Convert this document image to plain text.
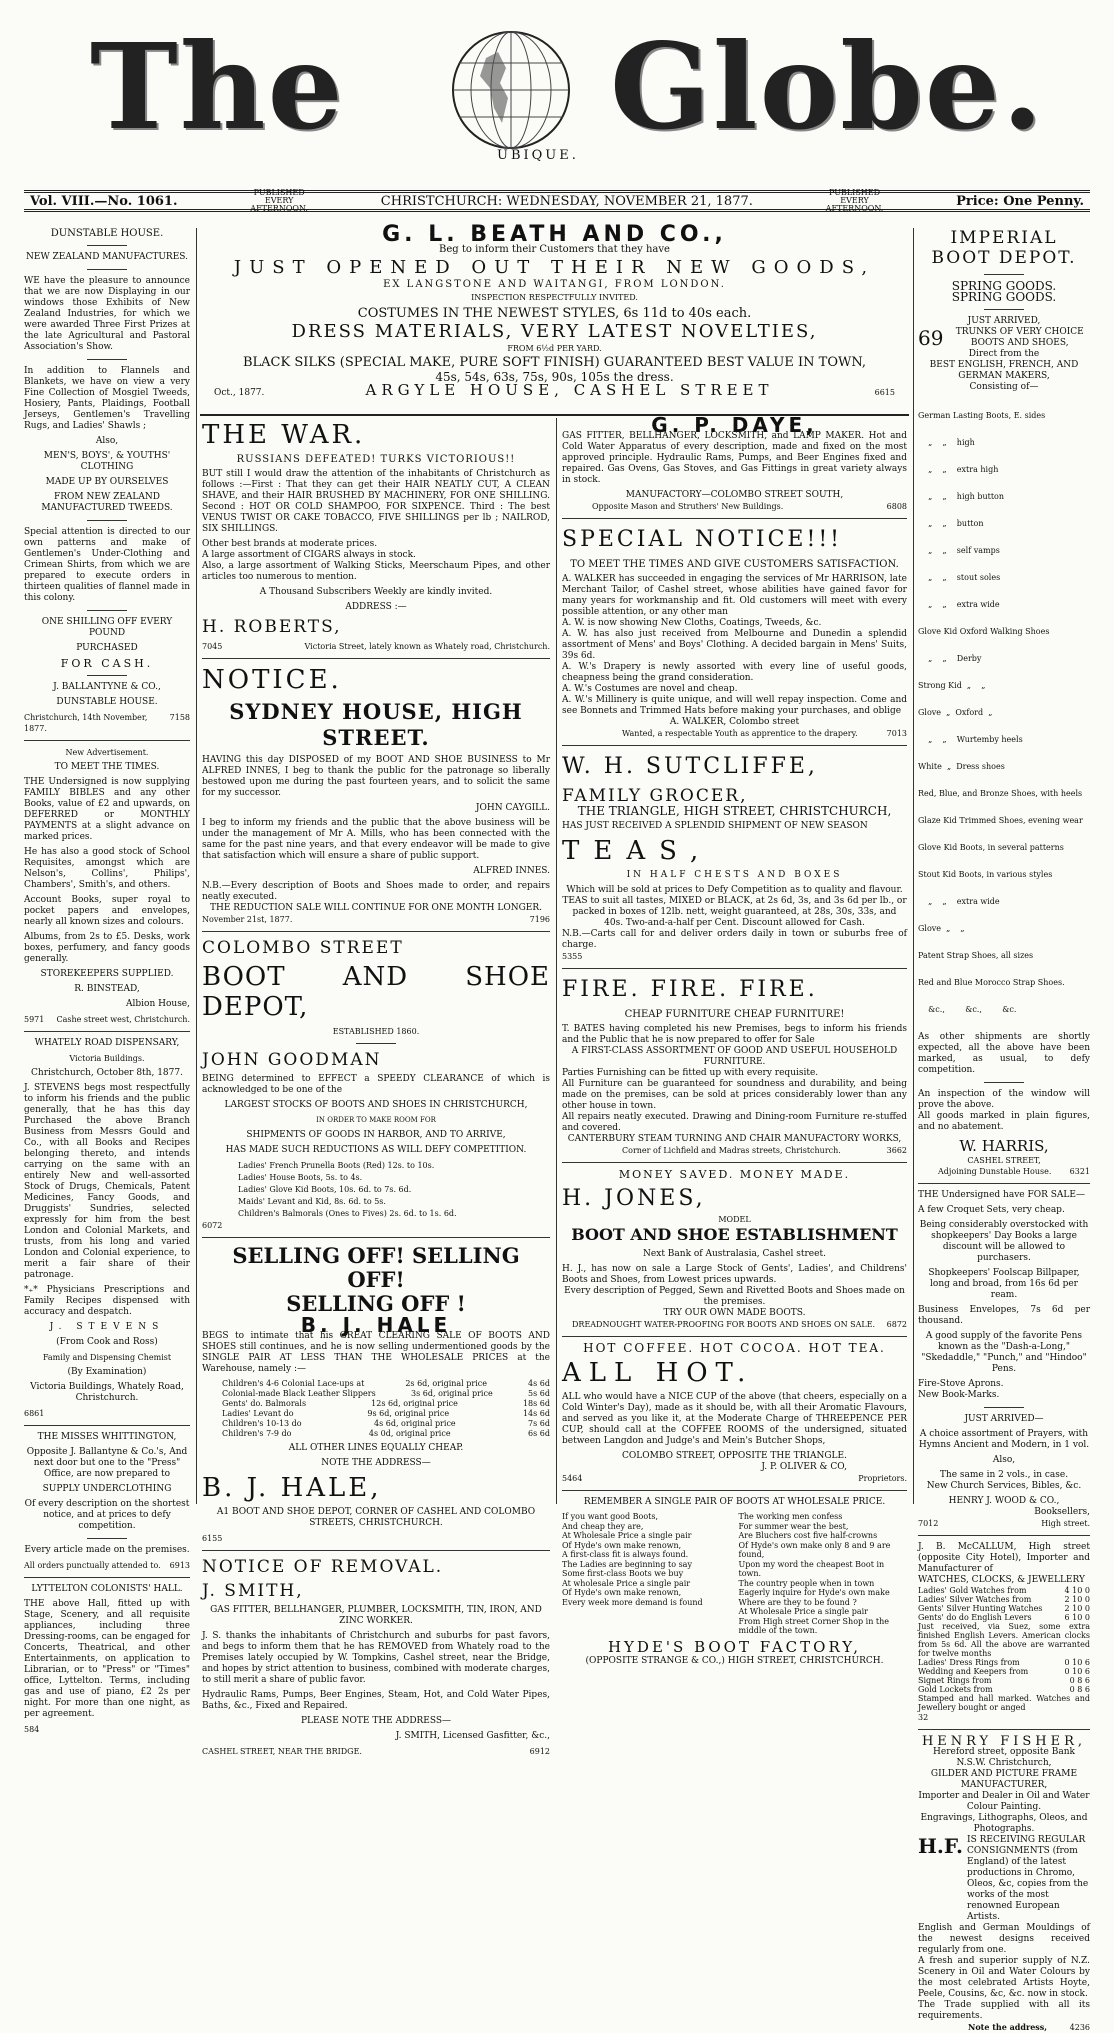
The	UBIQUE. Globe.
Vol. VIII.—No. 1061.
PUBLISHED EVERY AFTERNOON.	CHRISTCHURCH: WEDNESDAY, NOVEMBER 21, 1877.
PUBLISHED EVERY AFTERNOON.	Price: One Penny.

DUNSTABLE HOUSE.

NEW ZEALAND MANUFACTURES.

WE have the pleasure to announce that we are now Displaying in our windows those Exhibits of New Zealand Industries, for which we were awarded Three First Prizes at the late Agricultural and Pastoral Association's Show.

In addition to Flannels and Blankets, we have on view a very Fine Collection of Mosgiel Tweeds, Hosiery, Pants, Plaidings, Football Jerseys, Gentlemen's Travelling Rugs, and Ladies' Shawls ;

Also,

MEN'S, BOYS', & YOUTHS' CLOTHING

MADE UP BY OURSELVES

FROM NEW ZEALAND MANUFACTURED TWEEDS.

Special attention is directed to our own patterns and make of Gentlemen's Under-Clothing and Crimean Shirts, from which we are prepared to execute orders in thirteen qualities of flannel made in this colony.

ONE SHILLING OFF EVERY POUND

PURCHASED

FOR CASH.

J. BALLANTYNE & CO.,

DUNSTABLE HOUSE.

Christchurch, 14th November, 1877.
7158

New Advertisement.

TO MEET THE TIMES.

THE Undersigned is now supplying FAMILY BIBLES and any other Books, value of £2 and upwards, on DEFERRED or MONTHLY PAYMENTS at a slight advance on marked prices.

He has also a good stock of School Requisites, amongst which are Nelson's, Collins', Philips', Chambers', Smith's, and others.

Account Books, super royal to pocket papers and envelopes, nearly all known sizes and colours.

Albums, from 2s to £5. Desks, work boxes, perfumery, and fancy goods generally.

STOREKEEPERS SUPPLIED.

R. BINSTEAD,

Albion House,

5971 Cashe street west, Christchurch.

WHATELY ROAD DISPENSARY,

Victoria Buildings.

Christchurch, October 8th, 1877.

J. STEVENS begs most respectfully to inform his friends and the public generally, that he has this day Purchased the above Branch Business from Messrs Gould and Co., with all Books and Recipes belonging thereto, and intends carrying on the same with an entirely New and well-assorted Stock of Drugs, Chemicals, Patent Medicines, Fancy Goods, and Druggists' Sundries, selected expressly for him from the best London and Colonial Markets, and trusts, from his long and varied London and Colonial experience, to merit a fair share of their patronage.

*₊* Physicians Prescriptions and Family Recipes dispensed with accuracy and despatch.

J. STEVENS

(From Cook and Ross)

Family and Dispensing Chemist

(By Examination)

Victoria Buildings, Whately Road, Christchurch.

6861

THE MISSES WHITTINGTON,

Opposite J. Ballantyne & Co.'s, And next door but one to the "Press" Office, are now prepared to

SUPPLY UNDERCLOTHING

Of every description on the shortest notice, and at prices to defy competition.

Every article made on the premises.

All orders punctually attended to. 6913

LYTTELTON COLONISTS' HALL.

THE above Hall, fitted up with Stage, Scenery, and all requisite appliances, including three Dressing-rooms, can be engaged for Concerts, Theatrical, and other Entertainments, on application to Librarian, or to "Press" or "Times" office, Lyttelton. Terms, including gas and use of piano, £2 2s per night. For more than one night, as per agreement.

584

G. L. BEATH AND CO.,

Beg to inform their Customers that they have

JUST OPENED OUT THEIR NEW GOODS,

EX LANGSTONE AND WAITANGI, FROM LONDON.

INSPECTION RESPECTFULLY INVITED.

COSTUMES IN THE NEWEST STYLES, 6s 11d to 40s each.

DRESS MATERIALS, VERY LATEST NOVELTIES,

FROM 6½d PER YARD.

BLACK SILKS (SPECIAL MAKE, PURE SOFT FINISH) GUARANTEED BEST VALUE IN TOWN,

45s, 54s, 63s, 75s, 90s, 105s the dress.

Oct., 1877.	ARGYLE HOUSE, CASHEL STREET	6615

THE WAR.

RUSSIANS DEFEATED! TURKS VICTORIOUS!!

BUT still I would draw the attention of the inhabitants of Christchurch as follows :—First : That they can get their HAIR NEATLY CUT, A CLEAN SHAVE, and their HAIR BRUSHED BY MACHINERY, FOR ONE SHILLING. Second : HOT OR COLD SHAMPOO, FOR SIXPENCE. Third : The best VENUS TWIST OR CAKE TOBACCO, FIVE SHILLINGS per lb ; NAILROD, SIX SHILLINGS.

Other best brands at moderate prices.

A large assortment of CIGARS always in stock.

Also, a large assortment of Walking Sticks, Meerschaum Pipes, and other articles too numerous to mention.

A Thousand Subscribers Weekly are kindly invited.

ADDRESS :—

H. ROBERTS,

7045	Victoria Street, lately known as Whately road, Christchurch.

NOTICE.

SYDNEY HOUSE, HIGH STREET.

HAVING this day DISPOSED of my BOOT AND SHOE BUSINESS to Mr ALFRED INNES, I beg to thank the public for the patronage so liberally bestowed upon me during the past fourteen years, and to solicit the same for my successor.

JOHN CAYGILL.

I beg to inform my friends and the public that the above business will be under the management of Mr A. Mills, who has been connected with the same for the past nine years, and that every endeavor will be made to give that satisfaction which will ensure a share of public support.

ALFRED INNES.

N.B.—Every description of Boots and Shoes made to order, and repairs neatly executed.

THE REDUCTION SALE WILL CONTINUE FOR ONE MONTH LONGER.

November 21st, 1877.	7196

COLOMBO STREET

BOOT AND SHOE DEPOT,

ESTABLISHED 1860.

JOHN GOODMAN

BEING determined to EFFECT a SPEEDY CLEARANCE of which is acknowledged to be one of the

LARGEST STOCKS OF BOOTS AND SHOES IN CHRISTCHURCH,

IN ORDER TO MAKE ROOM FOR

SHIPMENTS OF GOODS IN HARBOR, AND TO ARRIVE,

HAS MADE SUCH REDUCTIONS AS WILL DEFY COMPETITION.

Ladies' French Prunella Boots (Red) 12s. to 10s.
Ladies' House Boots, 5s. to 4s.
Ladies' Glove Kid Boots, 10s. 6d. to 7s. 6d.
Maids' Levant and Kid, 8s. 6d. to 5s.
Children's Balmorals (Ones to Fives) 2s. 6d. to 1s. 6d.

6072

SELLING OFF! SELLING OFF!

SELLING OFF !

B. J. HALE

BEGS to intimate that his GREAT CLEARING SALE OF BOOTS AND SHOES still continues, and he is now selling undermentioned goods by the SINGLE PAIR AT LESS THAN THE WHOLESALE PRICES at the Warehouse, namely :—

Children's 4-6 Colonial Lace-ups at	2s 6d, original price	4s 6d
Colonial-made Black Leather Slippers	3s 6d, original price	5s 6d
Gents' do. Balmorals	12s 6d, original price	18s 6d
Ladies' Levant do	9s 6d, original price	14s 6d
Children's 10-13 do	4s 6d, original price	7s 6d
Children's 7-9 do	4s 0d, original price	6s 6d

ALL OTHER LINES EQUALLY CHEAP.

NOTE THE ADDRESS—

B. J. HALE,

A1 BOOT AND SHOE DEPOT, CORNER OF CASHEL AND COLOMBO STREETS, CHRISTCHURCH.

6155

NOTICE OF REMOVAL.

J. SMITH,

GAS FITTER, BELLHANGER, PLUMBER, LOCKSMITH, TIN, IRON, AND ZINC WORKER.

J. S. thanks the inhabitants of Christchurch and suburbs for past favors, and begs to inform them that he has REMOVED from Whately road to the Premises lately occupied by W. Tompkins, Cashel street, near the Bridge, and hopes by strict attention to business, combined with moderate charges, to still merit a share of public favor.

Hydraulic Rams, Pumps, Beer Engines, Steam, Hot, and Cold Water Pipes, Baths, &c., Fixed and Repaired.

PLEASE NOTE THE ADDRESS—

J. SMITH, Licensed Gasfitter, &c.,

CASHEL STREET, NEAR THE BRIDGE.	6912
G. P. DAYE,

GAS FITTER, BELLHANGER, LOCKSMITH, and LAMP MAKER. Hot and Cold Water Apparatus of every description, made and fixed on the most approved principle. Hydraulic Rams, Pumps, and Beer Engines fixed and repaired. Gas Ovens, Gas Stoves, and Gas Fittings in great variety always in stock.

MANUFACTORY—COLOMBO STREET SOUTH,

Opposite Mason and Struthers' New Buildings.	6808

SPECIAL NOTICE!!!

TO MEET THE TIMES AND GIVE CUSTOMERS SATISFACTION.

A. WALKER has succeeded in engaging the services of Mr HARRISON, late Merchant Tailor, of Cashel street, whose abilities have gained favor for many years for workmanship and fit. Old customers will meet with every possible attention, or any other man

A. W. is now showing New Cloths, Coatings, Tweeds, &c.

A. W. has also just received from Melbourne and Dunedin a splendid assortment of Mens' and Boys' Clothing. A decided bargain in Mens' Suits, 39s 6d.

A. W.'s Drapery is newly assorted with every line of useful goods, cheapness being the grand consideration.

A. W.'s Costumes are novel and cheap.

A. W.'s Millinery is quite unique, and will well repay inspection. Come and see Bonnets and Trimmed Hats before making your purchases, and oblige

A. WALKER, Colombo street

Wanted, a respectable Youth as apprentice to the drapery.	7013

W. H. SUTCLIFFE,

FAMILY GROCER,

THE TRIANGLE, HIGH STREET, CHRISTCHURCH,

HAS JUST RECEIVED A SPLENDID SHIPMENT OF NEW SEASON

TEAS,

IN HALF CHESTS AND BOXES

Which will be sold at prices to Defy Competition as to quality and flavour.

TEAS to suit all tastes, MIXED or BLACK, at 2s 6d, 3s, and 3s 6d per lb., or packed in boxes of 12lb. nett, weight guaranteed, at 28s, 30s, 33s, and 40s. Two-and-a-half per Cent. Discount allowed for Cash.

N.B.—Carts call for and deliver orders daily in town or suburbs free of charge.

5355

FIRE. FIRE. FIRE.

CHEAP FURNITURE CHEAP FURNITURE!

T. BATES having completed his new Premises, begs to inform his friends and the Public that he is now prepared to offer for Sale

A FIRST-CLASS ASSORTMENT OF GOOD AND USEFUL HOUSEHOLD FURNITURE.

Parties Furnishing can be fitted up with every requisite.

All Furniture can be guaranteed for soundness and durability, and being made on the premises, can be sold at prices considerably lower than any other house in town.

All repairs neatly executed. Drawing and Dining-room Furniture re-stuffed and covered.

CANTERBURY STEAM TURNING AND CHAIR MANUFACTORY WORKS,

Corner of Lichfield and Madras streets, Christchurch.	3662

MONEY SAVED. MONEY MADE.

H. JONES,

MODEL

BOOT AND SHOE ESTABLISHMENT

Next Bank of Australasia, Cashel street.

H. J., has now on sale a Large Stock of Gents', Ladies', and Childrens' Boots and Shoes, from Lowest prices upwards.

Every description of Pegged, Sewn and Rivetted Boots and Shoes made on the premises.

TRY OUR OWN MADE BOOTS.

DREADNOUGHT WATER-PROOFING FOR BOOTS AND SHOES ON SALE. 6872

HOT COFFEE. HOT COCOA. HOT TEA.

ALL HOT.

ALL who would have a NICE CUP of the above (that cheers, especially on a Cold Winter's Day), made as it should be, with all their Aromatic Flavours, and served as you like it, at the Moderate Charge of THREEPENCE PER CUP, should call at the COFFEE ROOMS of the undersigned, situated between Langdon and Judge's and Mein's Butcher Shops,

COLOMBO STREET, OPPOSITE THE TRIANGLE.

J. P. OLIVER & CO,

5464	Proprietors.

REMEMBER A SINGLE PAIR OF BOOTS AT WHOLESALE PRICE.

If you want good Boots,
And cheap they are,
At Wholesale Price a single pair
Of Hyde's own make renown,
A first-class fit is always found.
The Ladies are beginning to say
Some first-class Boots we buy
At wholesale Price a single pair
Of Hyde's own make renown,
Every week more demand is found
The working men confess
For summer wear the best,
Are Bluchers cost five half-crowns
Of Hyde's own make only 8 and 9 are found,
Upon my word the cheapest Boot in town.
The country people when in town
Eagerly inquire for Hyde's own make
Where are they to be found ?
At Wholesale Price a single pair
From High street Corner Shop in the middle of the town.

HYDE'S BOOT FACTORY,

(OPPOSITE STRANGE & CO.,) HIGH STREET, CHRISTCHURCH.

IMPERIAL

BOOT DEPOT.

SPRING GOODS.

SPRING GOODS.

JUST ARRIVED,

69	TRUNKS OF VERY CHOICE BOOTS AND SHOES,

Direct from the

BEST ENGLISH, FRENCH, AND GERMAN MAKERS,

Consisting of—

German Lasting Boots, E. sides

„    „    high

„    „    extra high

„    „    high button

„    „    button

„    „    self vamps

„    „    stout soles

„    „    extra wide

Glove Kid Oxford Walking Shoes

„    „    Derby

Strong Kid  „    „

Glove  „  Oxford  „

„    „    Wurtemby heels

White  „  Dress shoes

Red, Blue, and Bronze Shoes, with heels

Glaze Kid Trimmed Shoes, evening wear

Glove Kid Boots, in several patterns

Stout Kid Boots, in various styles

„    „    extra wide

Glove  „    „

Patent Strap Shoes, all sizes

Red and Blue Morocco Strap Shoes.

&c.,        &c.,        &c.

As other shipments are shortly expected, all the above have been marked, as usual, to defy competition.

An inspection of the window will prove the above.

All goods marked in plain figures, and no abatement.

W. HARRIS,

CASHEL STREET,

Adjoining Dunstable House. 6321

THE Undersigned have FOR SALE—

A few Croquet Sets, very cheap.

Being considerably overstocked with shopkeepers' Day Books a large discount will be allowed to purchasers.

Shopkeepers' Foolscap Billpaper, long and broad, from 16s 6d per ream.

Business Envelopes, 7s 6d per thousand.

A good supply of the favorite Pens known as the "Dash-a-Long," "Skedaddle," "Punch," and "Hindoo" Pens.

Fire-Stove Aprons.

New Book-Marks.

JUST ARRIVED—

A choice assortment of Prayers, with Hymns Ancient and Modern, in 1 vol.

Also,

The same in 2 vols., in case.

New Church Services, Bibles, &c.

HENRY J. WOOD & CO.,

Booksellers,

7012	High street.

J. B. McCALLUM, High street (opposite City Hotel), Importer and Manufacturer of

WATCHES, CLOCKS, & JEWELLERY

Ladies' Gold Watches from	4 10 0
Ladies' Silver Watches from	2 10 0
Gents' Silver Hunting Watches	2 10 0
Gents' do do English Levers	6 10 0

Just received, via Suez, some extra finished English Levers. American clocks from 5s 6d. All the above are warranted for twelve months

Ladies' Dress Rings from	0 10 6
Wedding and Keepers from	0 10 6
Signet Rings from	0 8 6
Gold Lockets from	0 8 6

Stamped and hall marked. Watches and Jewellery bought or anged

32

HENRY FISHER,

Hereford street, opposite Bank N.S.W. Christchurch,

GILDER AND PICTURE FRAME MANUFACTURER,

Importer and Dealer in Oil and Water Colour Painting.

Engravings, Lithographs, Oleos, and Photographs.

H.F. IS RECEIVING REGULAR CONSIGNMENTS (from England) of the latest productions in Chromo, Oleos, &c, copies from the works of the most renowned European Artists.

English and German Mouldings of the newest designs received regularly from one.

A fresh and superior supply of N.Z. Scenery in Oil and Water Colours by the most celebrated Artists Hoyte, Peele, Cousins, &c, &c. now in stock.

The Trade supplied with all its requirements.

Note the address,	4236
